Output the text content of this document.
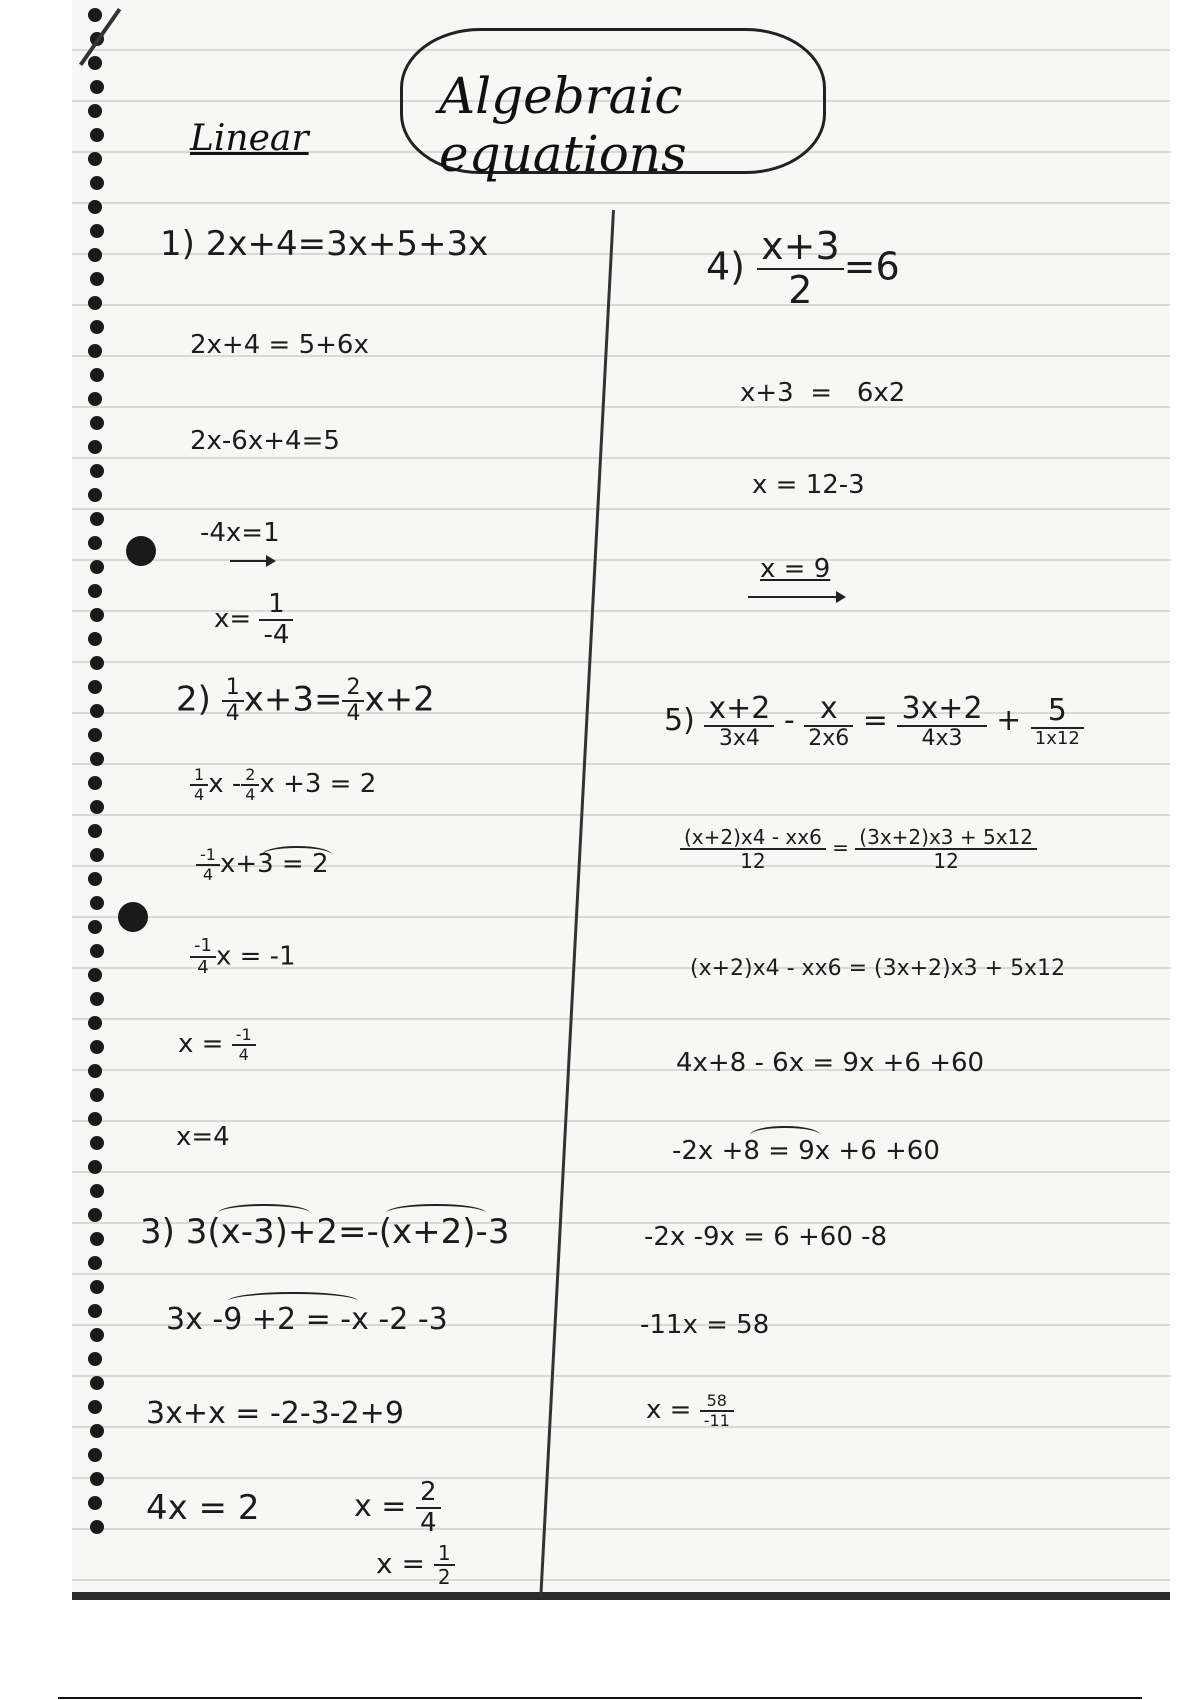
Algebraic equations
Linear
1) 2x+4=3x+5+3x
2x+4 = 5+6x
2x-6x+4=5
-4x=1
$x= \frac{1}{-4}$
$2) \frac{1}{4} x+3= \frac{2}{4} x+2$
$\frac{1}{4}$ x - $\frac{2}{4}$ x +3 = 2
$\frac{-1}{4} x+3 = 2$
$\frac{-1}{4}$ x = -1
$x = \frac{-1}{4}$
x=4
3) 3(x-3)+2=-(x+2)-3
3x -9 +2 = -x -2 -3
3x+x = -2-3-2+9
4x = 2	$x = \frac{2}{4}$
$x = \frac{1}{2}$
$4) \frac{x+3}{2} =6$
x+3  =   6x2
x = 12-3
x = 9
$5) \frac{x+2}{3x4} - \frac{x}{2x6} = \frac{3x+2}{4x3} + \frac{5}{1x12}$
$\frac{(x+2)x4 - xx6}{12} = \frac{(3x+2)x3 + 5x12}{12}$
(x+2)x4 - xx6 = (3x+2)x3 + 5x12
4x+8 - 6x = 9x +6 +60
-2x +8 = 9x +6 +60
-2x -9x = 6 +60 -8
-11x = 58
$x = \frac{58}{-11}$
